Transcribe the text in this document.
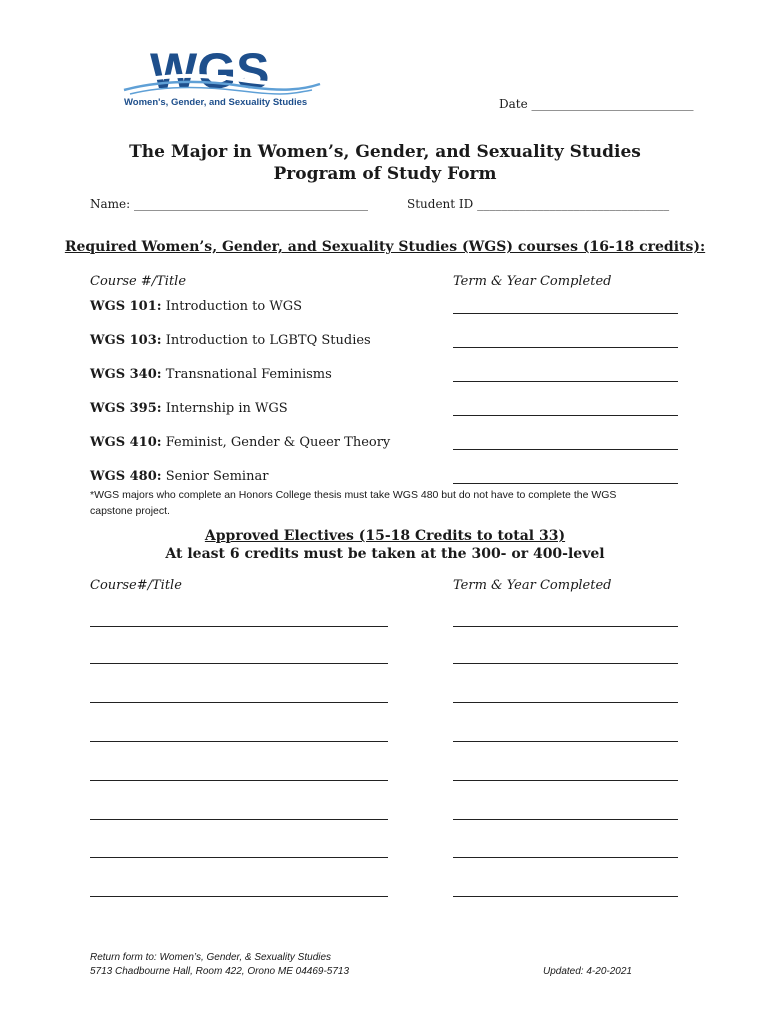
WGS
Women's, Gender, and Sexuality Studies	Date ___________________________
The Major in Women’s, Gender, and Sexuality Studies
Program of Study Form
Name: _______________________________________	Student ID ________________________________
Required Women’s, Gender, and Sexuality Studies (WGS) courses (16-18 credits):
Course #/Title	Term & Year Completed
WGS 101: Introduction to WGS
WGS 103: Introduction to LGBTQ Studies
WGS 340: Transnational Feminisms
WGS 395: Internship in WGS
WGS 410: Feminist, Gender & Queer Theory
WGS 480: Senior Seminar
*WGS majors who complete an Honors College thesis must take WGS 480 but do not have to complete the WGS capstone project.
Approved Electives (15-18 Credits to total 33)
At least 6 credits must be taken at the 300- or 400-level
Course#/Title	Term & Year Completed
Return form to: Women’s, Gender, & Sexuality Studies
5713 Chadbourne Hall, Room 422, Orono ME 04469-5713	Updated: 4-20-2021
